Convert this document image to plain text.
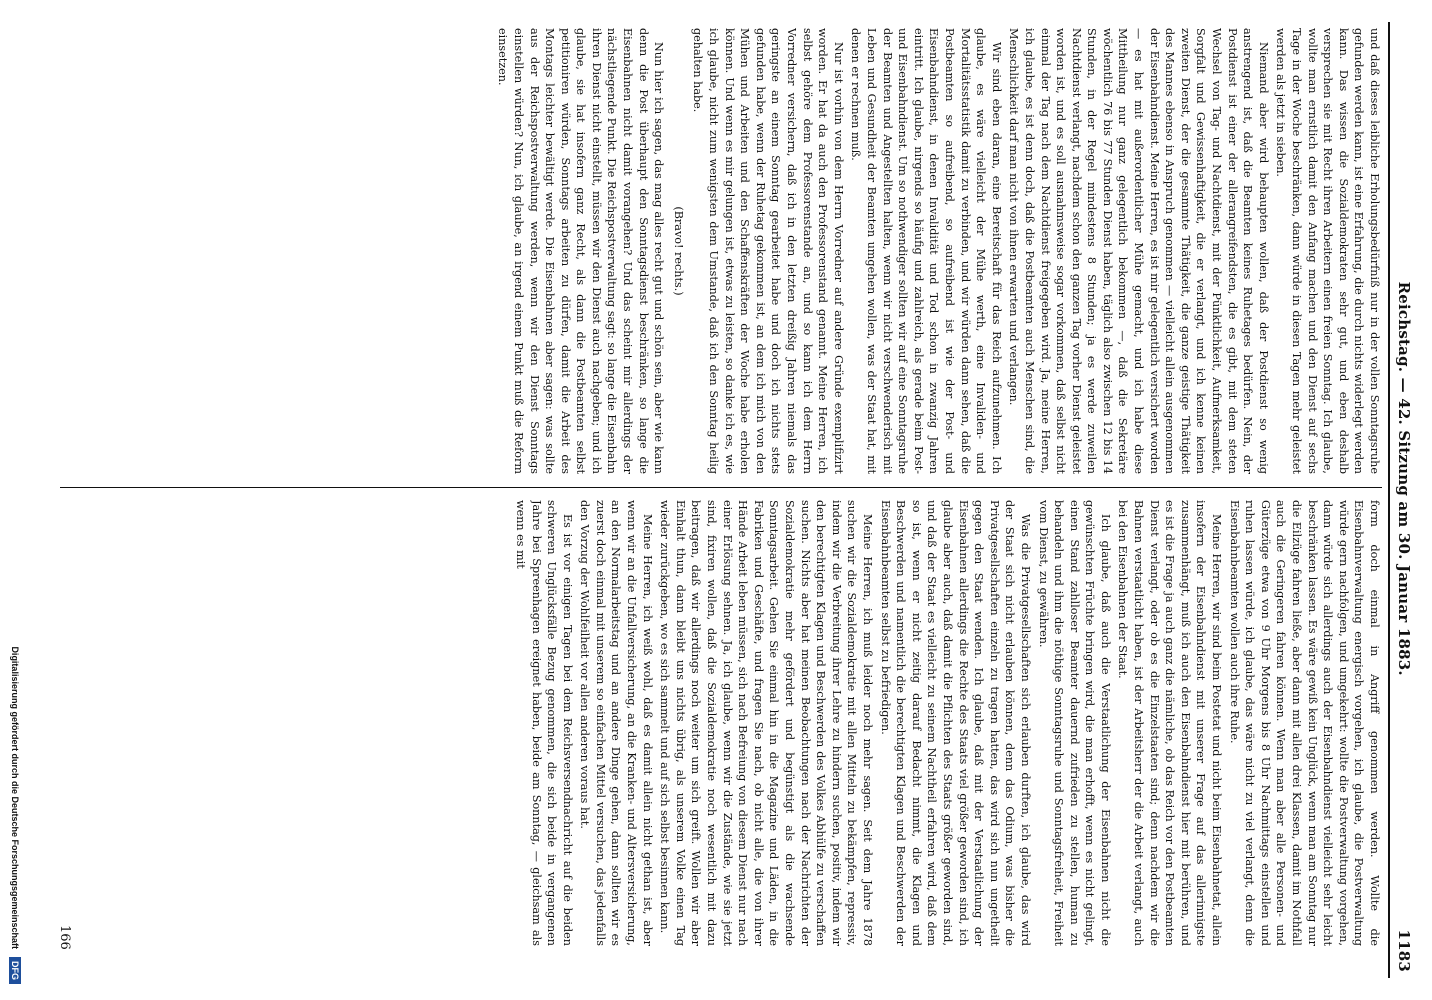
Reichstag. — 42. Sitzung am 30. Januar 1883.
1183

und daß dieses leibliche Erholungsbedürfniß nur in der vollen Sonntagsruhe gefunden werden kann, ist eine Erfahrung, die durch nichts widerlegt werden kann. Das wissen die Sozialdemokraten sehr gut, und eben deshalb versprechen sie mit Recht ihren Arbeitern einen freien Sonntag. Ich glaube, wollte man ernstlich damit den Anfang machen und den Dienst auf sechs Tage in der Woche beschränken, dann würde in diesen Tagen mehr geleistet werden als jetzt in sieben.

Niemand aber wird behaupten wollen, daß der Postdienst so wenig anstrengend ist, daß die Beamten keines Ruhetages bedürfen. Nein, der Postdienst ist einer der allerangreifendsten, die es gibt, mit dem steten Wechsel von Tag- und Nachtdienst, mit der Pünktlichkeit, Aufmerksamkeit, Sorgfalt und Gewissenhaftigkeit, die er verlangt, und ich kenne keinen zweiten Dienst, der die gesammte Thätigkeit, die ganze geistige Thätigkeit des Mannes ebenso in Anspruch genommen — vielleicht allein ausgenommen der Eisenbahndienst. Meine Herren, es ist mir gelegentlich versichert worden — es hat mit außerordentlicher Mühe gemacht, und ich habe diese Mittheilung nur ganz gelegentlich bekommen —, daß die Sekretäre wöchentlich 76 bis 77 Stunden Dienst haben, täglich also zwischen 12 bis 14 Stunden, in der Regel mindestens 8 Stunden; ja es werde zuweilen Nachtdienst verlangt, nachdem schon den ganzen Tag vorher Dienst geleistet worden ist, und es soll ausnahmsweise sogar vorkommen, daß selbst nicht einmal der Tag nach dem Nachtdienst freigegeben wird. Ja, meine Herren, ich glaube, es ist denn doch, daß die Postbeamten auch Menschen sind, die Menschlichkeit darf man nicht von ihnen erwarten und verlangen.

Wir sind eben daran, eine Bereitschaft für das Reich aufzunehmen. Ich glaube, es wäre vielleicht der Mühe werth, eine Invaliden- und Mortalitätsstatistik damit zu verbinden, und wir würden dann sehen, daß die Postbeamten so aufreibend, so aufreibend ist wie der Post- und Eisenbahndienst, in denen Invalidität und Tod schon in zwanzig Jahren eintritt. Ich glaube, nirgends so häufig und zahlreich, als gerade beim Post- und Eisenbahndienst. Um so nothwendiger sollten wir auf eine Sonntagsruhe der Beamten und Angestellten halten, wenn wir nicht verschwenderisch mit Leben und Gesundheit der Beamten umgehen wollen, was der Staat hat, mit denen er rechnen muß.

Nur ist vorhin von dem Herrn Vorredner auf andere Gründe exemplifizirt worden. Er hat da auch den Professorenstand genannt. Meine Herren, ich selbst gehöre dem Professorenstande an, und so kann ich dem Herrn Vorredner versichern, daß ich in den letzten dreißig Jahren niemals das geringste an einem Sonntag gearbeitet habe und doch ich nichts stets gefunden habe, wenn der Ruhetag gekommen ist, an dem ich mich von den Mühen und Arbeiten und den Schaffenskräften der Woche habe erholen können. Und wenn es mir gelungen ist, etwas zu leisten, so danke ich es, wie ich glaube, nicht zum wenigsten dem Umstande, daß ich den Sonntag heilig gehalten habe.

(Bravo! rechts.)

Nun hier ich sagen, das mag alles recht gut und schön sein, aber wie kann denn die Post überhaupt den Sonntagsdienst beschränken, so lange die Eisenbahnen nicht damit vorangehen? Und das scheint mir allerdings der nächstliegende Punkt. Die Reichspostverwaltung sagt: so lange die Eisenbahn ihren Dienst nicht einstellt, müssen wir den Dienst auch nachgeben; und ich glaube, sie hat insofern ganz Recht, als dann die Postbeamten selbst petitioniren würden, Sonntags arbeiten zu dürfen, damit die Arbeit des Montags leichter bewältigt werde. Die Eisenbahnen aber sagen: was sollte aus der Reichspostverwaltung werden, wenn wir den Dienst Sonntags einstellen würden? Nun, ich glaube, an irgend einem Punkt muß die Reform einsetzen.

form doch einmal in Angriff genommen werden. Wollte die Eisenbahnverwaltung energisch vorgehen, ich glaube, die Postverwaltung würde gern nachfolgen, und umgekehrt: wollte die Postverwaltung vorgehen, dann würde sich allerdings auch der Eisenbahndienst vielleicht sehr leicht beschränken lassen. Es wäre gewiß kein Unglück, wenn man am Sonntag nur die Eilzüge fahren ließe, aber dann mit allen drei Klassen, damit im Nothfall auch die Geringeren fahren können. Wenn man aber alle Personen- und Güterzüge etwa von 9 Uhr Morgens bis 8 Uhr Nachmittags einstellen und ruhen lassen würde, ich glaube, das wäre nicht zu viel verlangt, denn die Eisenbahnbeamten wollen auch ihre Ruhe.

Meine Herren, wir sind beim Postetat und nicht beim Eisenbahnetat, allein insofern der Eisenbahndienst mit unserer Frage auf das allerinnigste zusammenhängt, muß ich auch den Eisenbahndienst hier mit berühren, und es ist die Frage ja auch ganz die nämliche, ob das Reich vor den Postbeamten Dienst verlangt, oder ob es die Einzelstaaten sind; denn nachdem wir die Bahnen verstaatlicht haben, ist der Arbeitsherr der die Arbeit verlangt, auch bei den Eisenbahnen der Staat.

Ich glaube, daß auch die Verstaatlichung der Eisenbahnen nicht die gewünschten Früchte bringen wird, die man erhofft, wenn es nicht gelingt, einen Stand zahlloser Beamter dauernd zufrieden zu stellen, human zu behandeln und ihm die nöthige Sonntagsruhe und Sonntagsfreiheit, Freiheit vom Dienst, zu gewähren.

Was die Privatgesellschaften sich erlauben durften, ich glaube, das wird der Staat sich nicht erlauben können, denn das Odium, was bisher die Privatgesellschaften einzeln zu tragen hatten, das wird sich nun ungetheilt gegen den Staat wenden. Ich glaube, daß mit der Verstaatlichung der Eisenbahnen allerdings die Rechte des Staats viel größer geworden sind, ich glaube aber auch, daß damit die Pflichten des Staats größer geworden sind, und daß der Staat es vielleicht zu seinem Nachtheil erfahren wird, daß dem so ist, wenn er nicht zeitig darauf Bedacht nimmt, die Klagen und Beschwerden und namentlich die berechtigten Klagen und Beschwerden der Eisenbahnbeamten selbst zu befriedigen.

Meine Herren, ich muß leider noch mehr sagen. Seit dem Jahre 1878 suchen wir die Sozialdemokratie mit allen Mitteln zu bekämpfen, repressiv, indem wir die Verbreitung ihrer Lehre zu hindern suchen, positiv, indem wir den berechtigten Klagen und Beschwerden des Volkes Abhülfe zu verschaffen suchen. Nichts aber hat meinen Beobachtungen nach der Nachrichten der Sozialdemokratie mehr gefördert und begünstigt als die wachsende Sonntagsarbeit. Gehen Sie einmal hin in die Magazine und Läden, in die Fabriken und Geschäfte, und fragen Sie nach, ob nicht alle, die von ihrer Hände Arbeit leben müssen, sich nach Befreiung von diesem Dienst nur nach einer Erlösung sehnen. Ja, ich glaube, wenn wir die Zustände, wie sie jetzt sind, fixiren wollen, daß die Sozialdemokratie noch wesentlich mit dazu beitragen, daß wir allerdings noch weiter um sich greift. Wollen wir aber Einhalt thun, dann bleibt uns nichts übrig, als unserem Volke einen Tag wieder zurückgeben, wo es sich sammelt und auf sich selbst besinnen kann.

Meine Herren, ich weiß wohl, daß es damit allein nicht gethan ist, aber wenn wir an die Unfallversicherung, an die Kranken- und Altersversicherung, an den Normalarbeitstag und an andere Dinge gehen, dann sollten wir es zuerst doch einmal mit unserem so einfachen Mittel versuchen, das jedenfalls den Vorzug der Wohlfeilheit vor allen anderen voraus hat.

Es ist vor einigen Tagen bei dem Reichsversendnachricht auf die beiden schweren Unglücksfälle Bezug genommen, die sich beide in vergangenen Jahre bei Spreenhagen ereignet haben, beide am Sonntag, — gleichsam als wenn es mit

166
Digitalisierung gefördert durch die Deutsche Forschungsgemeinschaft
DFG
